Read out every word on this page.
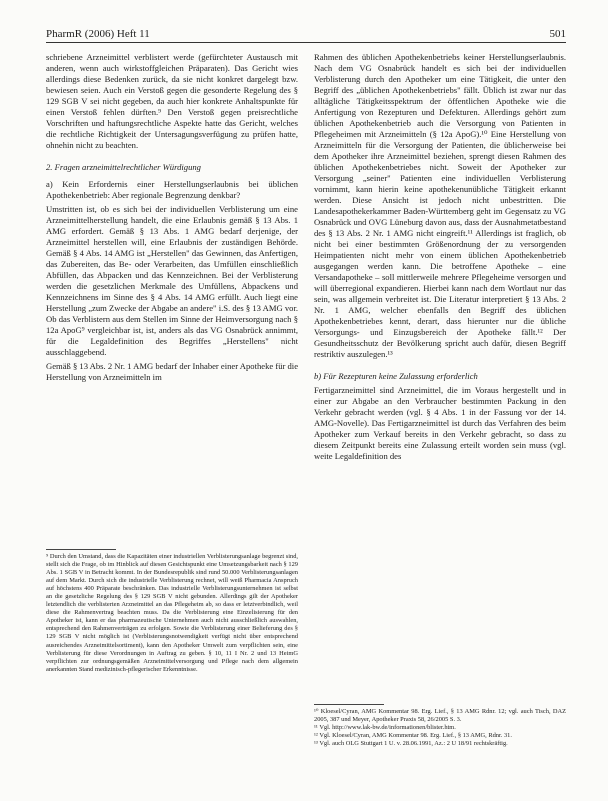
PharmR (2006) Heft 11	501

schriebene Arzneimittel verblistert werde (gefürchteter Austausch mit anderen, wenn auch wirkstoffgleichen Präparaten). Das Gericht wies allerdings diese Bedenken zurück, da sie nicht konkret dargelegt bzw. bewiesen seien. Auch ein Verstoß gegen die gesonderte Regelung des § 129 SGB V sei nicht gegeben, da auch hier konkrete Anhaltspunkte für einen Verstoß fehlen dürften.⁹ Den Verstoß gegen preisrechtliche Vorschriften und haftungsrechtliche Aspekte hatte das Gericht, welches die rechtliche Richtigkeit der Untersagungsverfügung zu prüfen hatte, ohnehin nicht zu beachten.

2. Fragen arzneimittelrechtlicher Würdigung

a) Kein Erfordernis einer Herstellungserlaubnis bei üblichen Apothekenbetrieb: Aber regionale Begrenzung denkbar?

Umstritten ist, ob es sich bei der individuellen Verblisterung um eine Arzneimittelherstellung handelt, die eine Erlaubnis gemäß § 13 Abs. 1 AMG erfordert. Gemäß § 13 Abs. 1 AMG bedarf derjenige, der Arzneimittel herstellen will, eine Erlaubnis der zuständigen Behörde. Gemäß § 4 Abs. 14 AMG ist „Herstellen" das Gewinnen, das Anfertigen, das Zubereiten, das Be- oder Verarbeiten, das Umfüllen einschließlich Abfüllen, das Abpacken und das Kennzeichnen. Bei der Verblisterung werden die gesetzlichen Merkmale des Umfüllens, Abpackens und Kennzeichnens im Sinne des § 4 Abs. 14 AMG erfüllt. Auch liegt eine Herstellung „zum Zwecke der Abgabe an andere" i.S. des § 13 AMG vor. Ob das Verblistern aus dem Stellen im Sinne der Heimversorgung nach § 12a ApoG⁹ vergleichbar ist, ist, anders als das VG Osnabrück annimmt, für die Legaldefinition des Begriffes „Herstellens" nicht ausschlaggebend.

Gemäß § 13 Abs. 2 Nr. 1 AMG bedarf der Inhaber einer Apotheke für die Herstellung von Arzneimitteln im

⁹ Durch den Umstand, dass die Kapazitäten einer industriellen Verblisterungsanlage begrenzt sind, stellt sich die Frage, ob im Hinblick auf diesen Gesichtspunkt eine Umsetzungsbarkeit nach § 129 Abs. 1 SGB V in Betracht kommt. In der Bundesrepublik sind rund 50.000 Verblisterungsanlagen auf dem Markt. Durch sich die industrielle Verblisterung rechnet, will weiß Pharmacia Anspruch auf höchstens 400 Präparate beschränken. Das industrielle Verblisterungsunternehmen ist selbst an die gesetzliche Regelung des § 129 SGB V nicht gebunden. Allerdings gilt der Apotheker letztendlich die verblisterten Arzneimittel an das Pflegeheim ab, so dass er letztverbindlich, weil diese die Rahmenvertrag beachten muss. Da die Verblisterung eine Einzelisierung für den Apotheker ist, kann er das pharmazeutische Unternehmen auch nicht ausschließlich auswahlen, entsprechend den Rahmenverträgen zu erfolgen. Sowie die Verblisterung einer Belieferung des § 129 SGB V nicht möglich ist (Verblisterungsnotwendigkeit verfügt nicht über entsprechend ausreichendes Arzneimittelsortiment), kann den Apotheker Umwelt zum verpflichten sein, eine Verblisterung für diese Verordnungen in Auftrag zu geben. § 10, 11 I Nr. 2 und 13 HeimG verpflichten zur ordnungsgemäßen Arzneimittelversorgung und Pflege nach dem allgemein anerkannten Stand medizinisch-pflegerischer Erkenntnisse.

Rahmen des üblichen Apothekenbetriebs keiner Herstellungserlaubnis. Nach dem VG Osnabrück handelt es sich bei der individuellen Verblisterung durch den Apotheker um eine Tätigkeit, die unter den Begriff des „üblichen Apothekenbetriebs" fällt. Üblich ist zwar nur das alltägliche Tätigkeitsspektrum der öffentlichen Apotheke wie die Anfertigung von Rezepturen und Defekturen. Allerdings gehört zum üblichen Apothekenbetrieb auch die Versorgung von Patienten in Pflegeheimen mit Arzneimitteln (§ 12a ApoG).¹⁰ Eine Herstellung von Arzneimitteln für die Versorgung der Patienten, die üblicherweise bei dem Apotheker ihre Arzneimittel beziehen, sprengt diesen Rahmen des üblichen Apothekenbetriebes nicht. Soweit der Apotheker zur Versorgung „seiner" Patienten eine individuellen Verblisterung vornimmt, kann hierin keine apothekenunübliche Tätigkeit erkannt werden. Diese Ansicht ist jedoch nicht unbestritten. Die Landesapothekerkammer Baden-Württemberg geht im Gegensatz zu VG Osnabrück und OVG Lüneburg davon aus, dass der Ausnahmetatbestand des § 13 Abs. 2 Nr. 1 AMG nicht eingreift.¹¹ Allerdings ist fraglich, ob nicht bei einer bestimmten Größenordnung der zu versorgenden Heimpatienten nicht mehr von einem üblichen Apothekenbetrieb ausgegangen werden kann. Die betroffene Apotheke – eine Versandapotheke – soll mittlerweile mehrere Pflegeheime versorgen und will überregional expandieren. Hierbei kann nach dem Wortlaut nur das sein, was allgemein verbreitet ist. Die Literatur interpretiert § 13 Abs. 2 Nr. 1 AMG, welcher ebenfalls den Begriff des üblichen Apothekenbetriebes kennt, derart, dass hierunter nur die übliche Versorgungs- und Einzugsbereich der Apotheke fällt.¹² Der Gesundheitsschutz der Bevölkerung spricht auch dafür, diesen Begriff restriktiv auszulegen.¹³

b) Für Rezepturen keine Zulassung erforderlich

Fertigarzneimittel sind Arzneimittel, die im Voraus hergestellt und in einer zur Abgabe an den Verbraucher bestimmten Packung in den Verkehr gebracht werden (vgl. § 4 Abs. 1 in der Fassung vor der 14. AMG-Novelle). Das Fertigarzneimittel ist durch das Verfahren des beim Apotheker zum Verkauf bereits in den Verkehr gebracht, so dass zu diesem Zeitpunkt bereits eine Zulassung erteilt worden sein muss (vgl. weite Legaldefinition des

¹⁰ Kloesel/Cyran, AMG Kommentar 98. Erg. Lief., § 13 AMG Rdnr. 12; vgl. auch Tisch, DAZ 2005, 387 und Meyer, Apotheker Praxis 58, 26/2005 S. 3.

¹¹ Vgl. http://www.lak-bw.de/informationen/blister.htm.

¹² Vgl. Kloesel/Cyran, AMG Kommentar 98. Erg. Lief., § 13 AMG, Rdnr. 31.

¹³ Vgl. auch OLG Stuttgart 1 U. v. 28.06.1991, Az.: 2 U 18/91 rechtskräftig.
